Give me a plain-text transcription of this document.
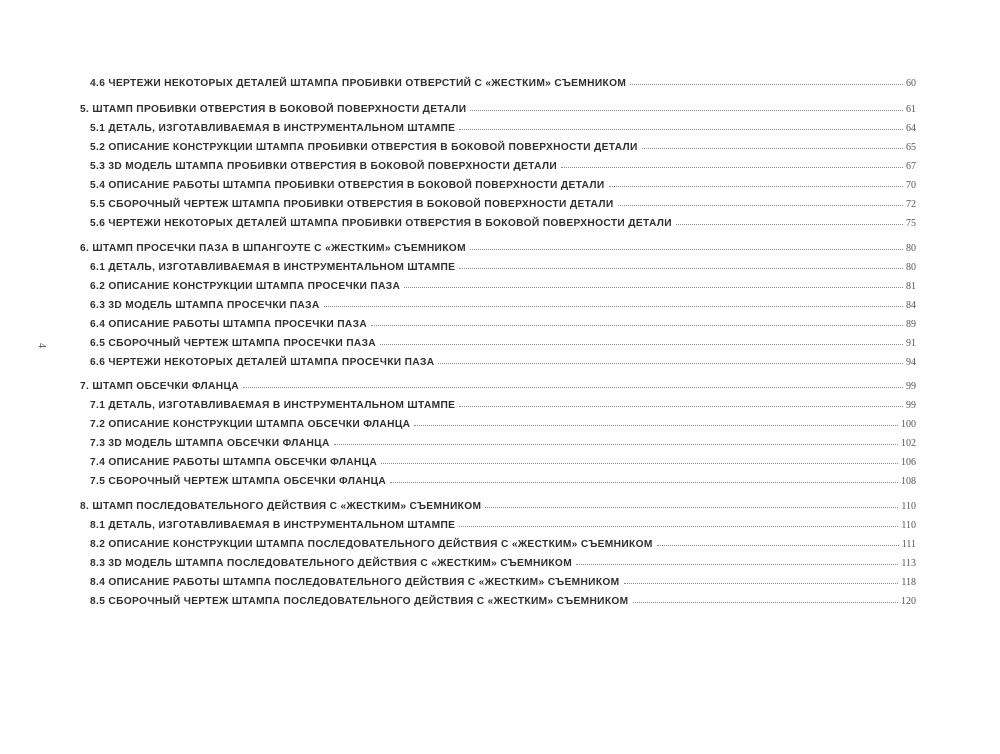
4
4.6 ЧЕРТЕЖИ НЕКОТОРЫХ ДЕТАЛЕЙ ШТАМПА ПРОБИВКИ ОТВЕРСТИЙ С «ЖЕСТКИМ» СЪЕМНИКОМ	60
5. ШТАМП ПРОБИВКИ ОТВЕРСТИЯ В БОКОВОЙ ПОВЕРХНОСТИ ДЕТАЛИ	61
5.1 ДЕТАЛЬ, ИЗГОТАВЛИВАЕМАЯ В ИНСТРУМЕНТАЛЬНОМ ШТАМПЕ	64
5.2 ОПИСАНИЕ КОНСТРУКЦИИ ШТАМПА ПРОБИВКИ ОТВЕРСТИЯ В БОКОВОЙ ПОВЕРХНОСТИ ДЕТАЛИ	65
5.3 3D МОДЕЛЬ ШТАМПА ПРОБИВКИ ОТВЕРСТИЯ В БОКОВОЙ ПОВЕРХНОСТИ ДЕТАЛИ	67
5.4 ОПИСАНИЕ РАБОТЫ ШТАМПА ПРОБИВКИ ОТВЕРСТИЯ В БОКОВОЙ ПОВЕРХНОСТИ ДЕТАЛИ	70
5.5 СБОРОЧНЫЙ ЧЕРТЕЖ ШТАМПА ПРОБИВКИ ОТВЕРСТИЯ В БОКОВОЙ ПОВЕРХНОСТИ ДЕТАЛИ	72
5.6 ЧЕРТЕЖИ НЕКОТОРЫХ ДЕТАЛЕЙ ШТАМПА ПРОБИВКИ ОТВЕРСТИЯ В БОКОВОЙ ПОВЕРХНОСТИ ДЕТАЛИ	75
6. ШТАМП ПРОСЕЧКИ ПАЗА В ШПАНГОУТЕ С «ЖЕСТКИМ» СЪЕМНИКОМ	80
6.1 ДЕТАЛЬ, ИЗГОТАВЛИВАЕМАЯ В ИНСТРУМЕНТАЛЬНОМ ШТАМПЕ	80
6.2 ОПИСАНИЕ КОНСТРУКЦИИ ШТАМПА ПРОСЕЧКИ ПАЗА	81
6.3 3D МОДЕЛЬ ШТАМПА ПРОСЕЧКИ ПАЗА	84
6.4 ОПИСАНИЕ РАБОТЫ ШТАМПА ПРОСЕЧКИ ПАЗА	89
6.5 СБОРОЧНЫЙ ЧЕРТЕЖ ШТАМПА ПРОСЕЧКИ ПАЗА	91
6.6 ЧЕРТЕЖИ НЕКОТОРЫХ ДЕТАЛЕЙ ШТАМПА ПРОСЕЧКИ ПАЗА	94
7. ШТАМП ОБСЕЧКИ ФЛАНЦА	99
7.1 ДЕТАЛЬ, ИЗГОТАВЛИВАЕМАЯ В ИНСТРУМЕНТАЛЬНОМ ШТАМПЕ	99
7.2 ОПИСАНИЕ КОНСТРУКЦИИ ШТАМПА ОБСЕЧКИ ФЛАНЦА	100
7.3 3D МОДЕЛЬ ШТАМПА ОБСЕЧКИ ФЛАНЦА	102
7.4 ОПИСАНИЕ РАБОТЫ ШТАМПА ОБСЕЧКИ ФЛАНЦА	106
7.5 СБОРОЧНЫЙ ЧЕРТЕЖ ШТАМПА ОБСЕЧКИ ФЛАНЦА	108
8. ШТАМП ПОСЛЕДОВАТЕЛЬНОГО ДЕЙСТВИЯ С «ЖЕСТКИМ» СЪЕМНИКОМ	110
8.1 ДЕТАЛЬ, ИЗГОТАВЛИВАЕМАЯ В ИНСТРУМЕНТАЛЬНОМ ШТАМПЕ	110
8.2 ОПИСАНИЕ КОНСТРУКЦИИ ШТАМПА ПОСЛЕДОВАТЕЛЬНОГО ДЕЙСТВИЯ С «ЖЕСТКИМ» СЪЕМНИКОМ	111
8.3 3D МОДЕЛЬ ШТАМПА ПОСЛЕДОВАТЕЛЬНОГО ДЕЙСТВИЯ С «ЖЕСТКИМ» СЪЕМНИКОМ	113
8.4 ОПИСАНИЕ РАБОТЫ ШТАМПА ПОСЛЕДОВАТЕЛЬНОГО ДЕЙСТВИЯ С «ЖЕСТКИМ» СЪЕМНИКОМ	118
8.5 СБОРОЧНЫЙ ЧЕРТЕЖ ШТАМПА ПОСЛЕДОВАТЕЛЬНОГО ДЕЙСТВИЯ С «ЖЕСТКИМ» СЪЕМНИКОМ	120
